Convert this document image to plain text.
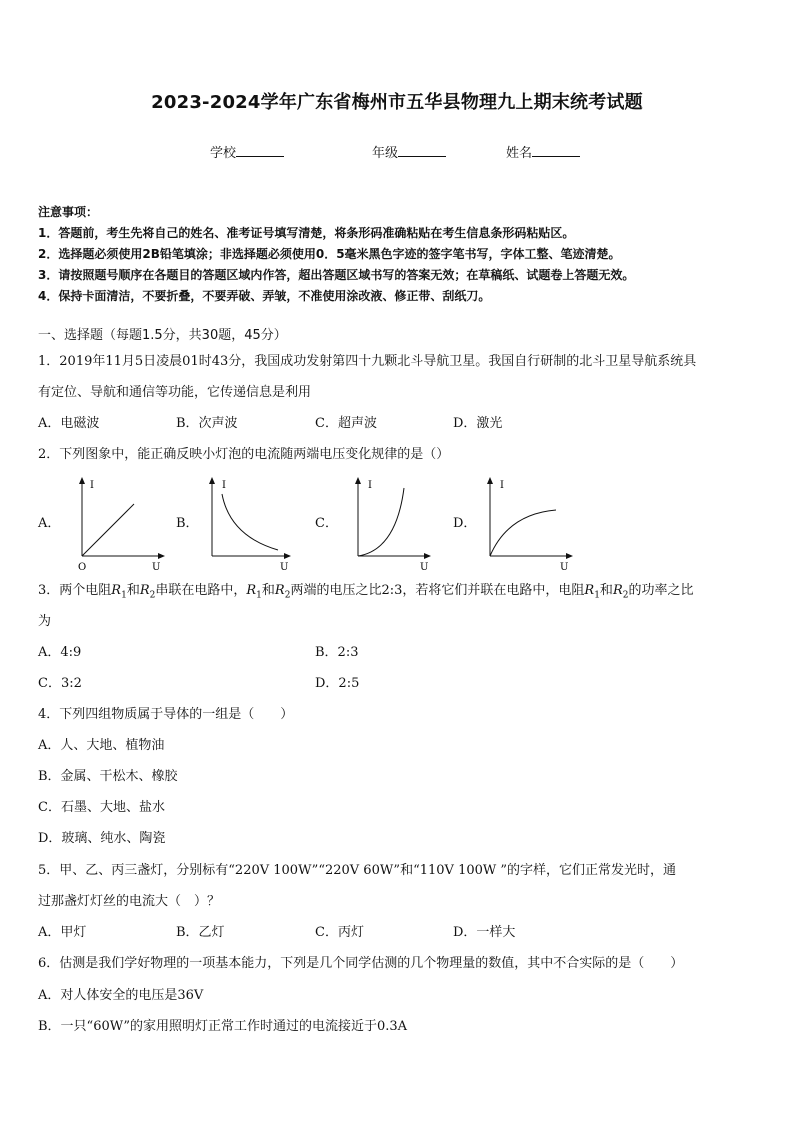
2023-2024学年广东省梅州市五华县物理九上期末统考试题
学校	年级	姓名
注意事项：
1．答题前，考生先将自己的姓名、准考证号填写清楚，将条形码准确粘贴在考生信息条形码粘贴区。
2．选择题必须使用2B铅笔填涂；非选择题必须使用0．5毫米黑色字迹的签字笔书写，字体工整、笔迹清楚。
3．请按照题号顺序在各题目的答题区域内作答，超出答题区域书写的答案无效；在草稿纸、试题卷上答题无效。
4．保持卡面清洁，不要折叠，不要弄破、弄皱，不准使用涂改液、修正带、刮纸刀。
一、选择题（每题1.5分，共30题，45分）
1．2019年11月5日凌晨01时43分，我国成功发射第四十九颗北斗导航卫星。我国自行研制的北斗卫星导航系统具
有定位、导航和通信等功能，它传递信息是利用
A．电磁波	B．次声波	C．超声波	D．激光
2．下列图象中，能正确反映小灯泡的电流随两端电压变化规律的是（）
A．
I
U
O
B．
I
U
C．
I
U
D．
I
U
3．两个电阻$R_1$和$R_2$串联在电路中，$R_1$和$R_2$两端的电压之比2:3，若将它们并联在电路中，电阻$R_1$和$R_2$的功率之比
为
A．4:9	B．2:3
C．3:2	D．2:5
4．下列四组物质属于导体的一组是（　　）
A．人、大地、植物油
B．金属、干松木、橡胶
C．石墨、大地、盐水
D．玻璃、纯水、陶瓷
5．甲、乙、丙三盏灯，分别标有“220V 100W”“220V 60W”和“110V 100W ”的字样，它们正常发光时，通
过那盏灯灯丝的电流大（　）？
A．甲灯	B．乙灯	C．丙灯	D．一样大
6．估测是我们学好物理的一项基本能力，下列是几个同学估测的几个物理量的数值，其中不合实际的是（　　）
A．对人体安全的电压是36V
B．一只“60W”的家用照明灯正常工作时通过的电流接近于0.3A
